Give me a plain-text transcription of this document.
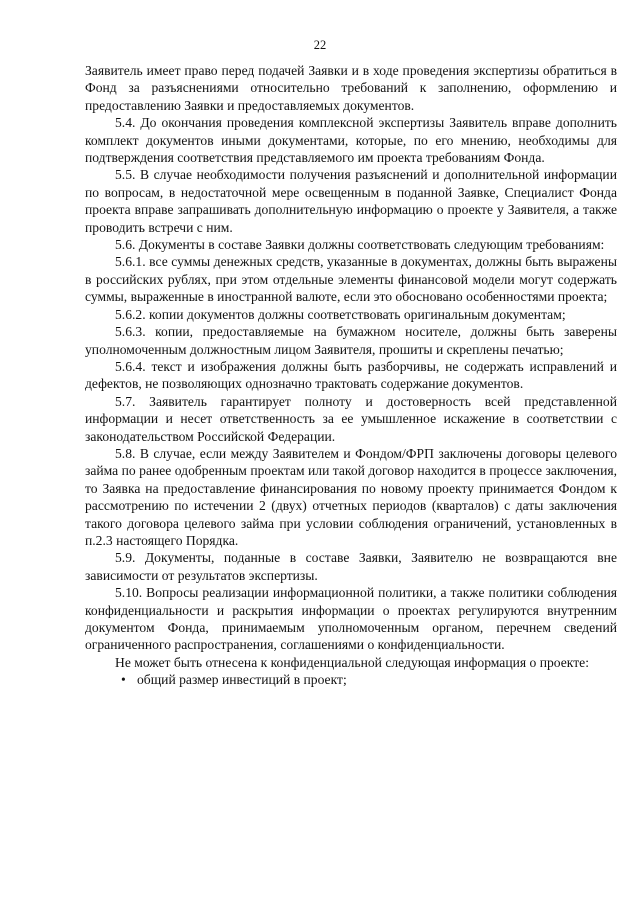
22

Заявитель имеет право перед подачей Заявки и в ходе проведения экспертизы обратиться в Фонд за разъяснениями относительно требований к заполнению, оформлению и предоставлению Заявки и предоставляемых документов.

5.4. До окончания проведения комплексной экспертизы Заявитель вправе дополнить комплект документов иными документами, которые, по его мнению, необходимы для подтверждения соответствия представляемого им проекта требованиям Фонда.

5.5. В случае необходимости получения разъяснений и дополнительной информации по вопросам, в недостаточной мере освещенным в поданной Заявке, Специалист Фонда проекта вправе запрашивать дополнительную информацию о проекте у Заявителя, а также проводить встречи с ним.

5.6. Документы в составе Заявки должны соответствовать следующим требованиям:

5.6.1. все суммы денежных средств, указанные в документах, должны быть выражены в российских рублях, при этом отдельные элементы финансовой модели могут содержать суммы, выраженные в иностранной валюте, если это обосновано особенностями проекта;

5.6.2. копии документов должны соответствовать оригинальным документам;

5.6.3. копии, предоставляемые на бумажном носителе, должны быть заверены уполномоченным должностным лицом Заявителя, прошиты и скреплены печатью;

5.6.4. текст и изображения должны быть разборчивы, не содержать исправлений и дефектов, не позволяющих однозначно трактовать содержание документов.

5.7. Заявитель гарантирует полноту и достоверность всей представленной информации и несет ответственность за ее умышленное искажение в соответствии с законодательством Российской Федерации.

5.8. В случае, если между Заявителем и Фондом/ФРП заключены договоры целевого займа по ранее одобренным проектам или такой договор находится в процессе заключения, то Заявка на предоставление финансирования по новому проекту принимается Фондом к рассмотрению по истечении 2 (двух) отчетных периодов (кварталов) с даты заключения такого договора целевого займа при условии соблюдения ограничений, установленных в п.2.3 настоящего Порядка.

5.9. Документы, поданные в составе Заявки, Заявителю не возвращаются вне зависимости от результатов экспертизы.

5.10. Вопросы реализации информационной политики, а также политики соблюдения конфиденциальности и раскрытия информации о проектах регулируются внутренним документом Фонда, принимаемым уполномоченным органом, перечнем сведений ограниченного распространения, соглашениями о конфиденциальности.

Не может быть отнесена к конфиденциальной следующая информация о проекте:

• общий размер инвестиций в проект;
